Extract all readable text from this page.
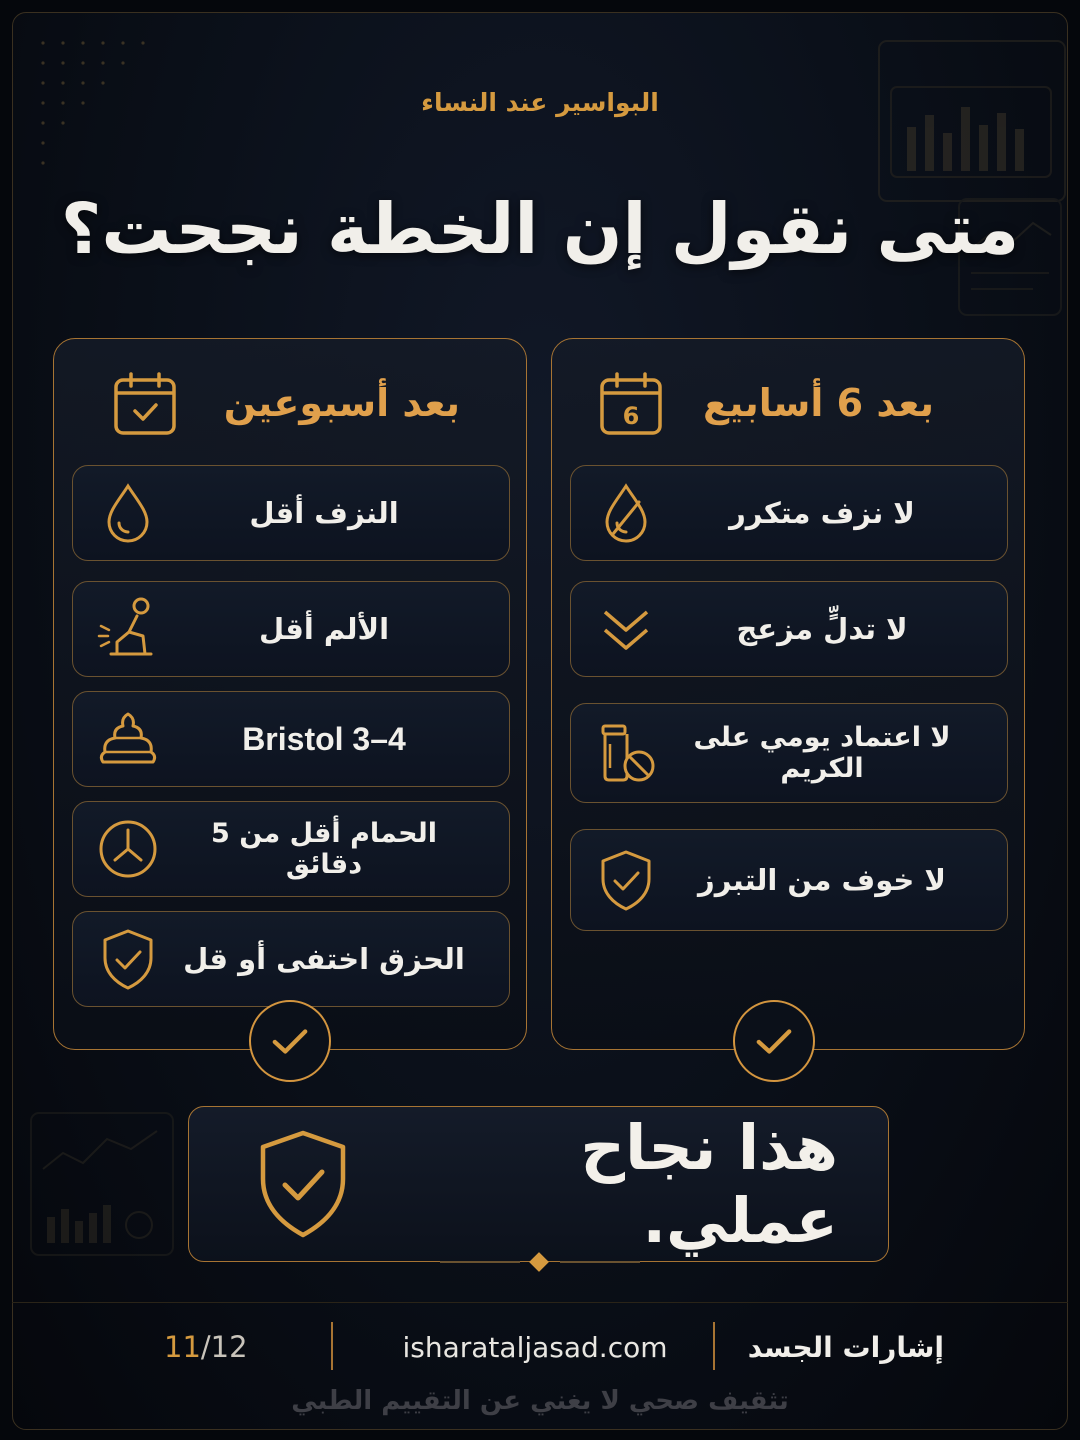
البواسير عند النساء
متى نقول إن الخطة نجحت؟
بعد 6 أسابيع
6
لا نزف متكرر
لا تدلٍّ مزعج
لا اعتماد يومي على الكريم
لا خوف من التبرز
بعد أسبوعين
النزف أقل
الألم أقل
Bristol 3–4
الحمام أقل من 5 دقائق
الحزق اختفى أو قل
هذا نجاح عملي.
إشارات الجسد
isharataljasad.com
11 /12
تثقيف صحي لا يغني عن التقييم الطبي
